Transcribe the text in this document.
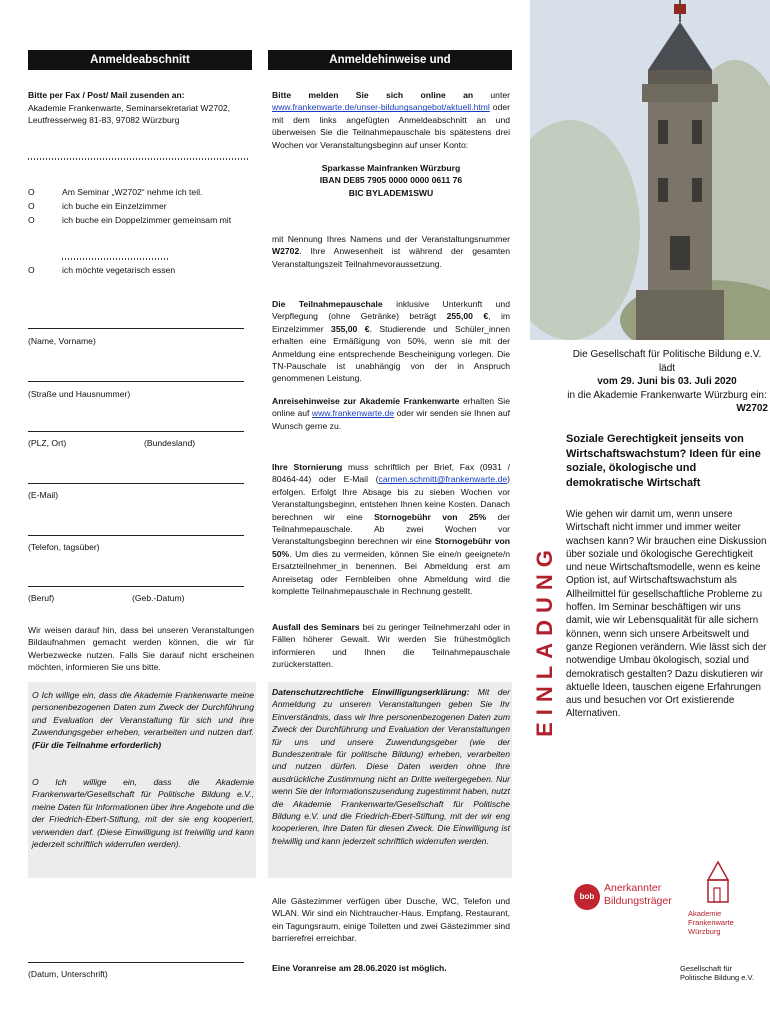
Anmeldeabschnitt

Bitte per Fax / Post/ Mail zusenden an:

Akademie Frankenwarte, Seminarsekretariat W2702,

Leutfresserweg 81-83, 97082 Würzburg

O	Am Seminar „W2702“ nehme ich teil.
O	ich buche ein Einzelzimmer
O	ich buche ein Doppelzimmer gemeinsam mit
O	ich möchte vegetarisch essen
(Name, Vorname)
(Straße und Hausnummer)
(PLZ, Ort)	(Bundesland)
(E-Mail)
(Telefon, tagsüber)
(Beruf)	(Geb.-Datum)

Wir weisen darauf hin, dass bei unseren Veranstaltungen Bildaufnahmen gemacht werden können, die wir für Werbezwecke nutzen. Falls Sie darauf nicht erscheinen möchten, informieren Sie uns bitte.

O Ich willige ein, dass die Akademie Frankenwarte meine personenbezogenen Daten zum Zweck der Durchführung und Evaluation der Veranstaltung für sich und ihre Zuwendungsgeber erheben, verarbeiten und nutzen darf. (Für die Teilnahme erforderlich)

O Ich willige ein, dass die Akademie Frankenwarte/Gesellschaft für Politische Bildung e.V., meine Daten für Informationen über ihre Angebote und die der Friedrich-Ebert-Stiftung, mit der sie eng kooperiert, verwenden darf. (Diese Einwilligung ist freiwillig und kann jederzeit schriftlich widerrufen werden).

(Datum, Unterschrift)
Anmeldehinweise und Teilnahmebedingungen

Bitte melden Sie sich online an unter www.frankenwarte.de/unser-bildungsangebot/aktuell.html oder mit dem links angefügten Anmeldeabschnitt an und überweisen Sie die Teilnahmepauschale bis spätestens drei Wochen vor Veranstaltungsbeginn auf unser Konto:

Sparkasse Mainfranken Würzburg
IBAN DE85 7905 0000 0000 0611 76
BIC BYLADEM1SWU

mit Nennung Ihres Namens und der Veranstaltungsnummer W2702. Ihre Anwesenheit ist während der gesamten Veranstaltungszeit Teilnahmevoraussetzung.

Die Teilnahmepauschale inklusive Unterkunft und Verpflegung (ohne Getränke) beträgt 255,00 €, im Einzelzimmer 355,00 €. Studierende und Schüler_innen erhalten eine Ermäßigung von 50%, wenn sie mit der Anmeldung eine entsprechende Bescheinigung vorlegen. Die TN-Pauschale ist unabhängig von der in Anspruch genommenen Leistung.

Anreisehinweise zur Akademie Frankenwarte erhalten Sie online auf www.frankenwarte.de oder wir senden sie Ihnen auf Wunsch gerne zu.

Ihre Stornierung muss schriftlich per Brief, Fax (0931 / 80464-44) oder E-Mail (carmen.schmitt@frankenwarte.de) erfolgen. Erfolgt Ihre Absage bis zu sieben Wochen vor Veranstaltungsbeginn, entstehen Ihnen keine Kosten. Danach berechnen wir eine Stornogebühr von 25% der Teilnahmepauschale. Ab zwei Wochen vor Veranstaltungsbeginn berechnen wir eine Stornogebühr von 50%. Um dies zu vermeiden, können Sie eine/n geeignete/n Ersatzteilnehmer_in benennen. Bei Abmeldung erst am Anreisetag oder Fernbleiben ohne Abmeldung wird die komplette Teilnahmepauschale in Rechnung gestellt.

Ausfall des Seminars bei zu geringer Teilnehmerzahl oder in Fällen höherer Gewalt. Wir werden Sie frühestmöglich informieren und Ihnen die Teilnahmepauschale zurückerstatten.

Datenschutzrechtliche Einwilligungserklärung: Mit der Anmeldung zu unseren Veranstaltungen geben Sie Ihr Einverständnis, dass wir Ihre personenbezogenen Daten zum Zweck der Durchführung und Evaluation der Veranstaltungen für uns und unsere Zuwendungsgeber (wie der Bundeszentrale für politische Bildung) erheben, verarbeiten und nutzen dürfen. Diese Daten werden ohne Ihre ausdrückliche Zustimmung nicht an Dritte weitergegeben. Nur wenn Sie der Informationszusendung zugestimmt haben, nutzt die Akademie Frankenwarte/Gesellschaft für Politische Bildung e.V. und die Friedrich-Ebert-Stiftung, mit der wir eng kooperieren, Ihre Daten für diesen Zweck. Die Einwilligung ist freiwillig und kann jederzeit schriftlich widerrufen werden.

Alle Gästezimmer verfügen über Dusche, WC, Telefon und WLAN. Wir sind ein Nichtraucher-Haus. Empfang, Restaurant, ein Tagungsraum, einige Toiletten und zwei Gästezimmer sind barrierefrei erreichbar.

Eine Voranreise am 28.06.2020 ist möglich.

EINLADUNG
Die Gesellschaft für Politische Bildung e.V. lädt
vom 29. Juni bis 03. Juli 2020
in die Akademie Frankenwarte Würzburg ein:
W2702
Soziale Gerechtigkeit jenseits von Wirtschaftswachstum? Ideen für eine soziale, ökologische und demokratische Wirtschaft
Wie gehen wir damit um, wenn unsere Wirtschaft nicht immer und immer weiter wachsen kann? Wir brauchen eine Diskussion über soziale und ökologische Gerechtigkeit und neue Wirtschaftsmodelle, wenn es keine Option ist, auf Wirtschaftswachstum als Allheilmittel für gesellschaftliche Probleme zu hoffen. Im Seminar beschäftigen wir uns damit, wie wir Lebensqualität für alle sichern können, wenn sich unsere Arbeitswelt und ganze Regionen verändern. Wie lässt sich der notwendige Umbau ökologisch, sozial und demokratisch gestalten? Dazu diskutieren wir aktuelle Ideen, tauschen eigene Erfahrungen aus und besuchen vor Ort existierende Alternativen.
bob
Anerkannter
Bildungsträger
Akademie
Frankenwarte
Würzburg
Gesellschaft für
Politische Bildung e.V.
